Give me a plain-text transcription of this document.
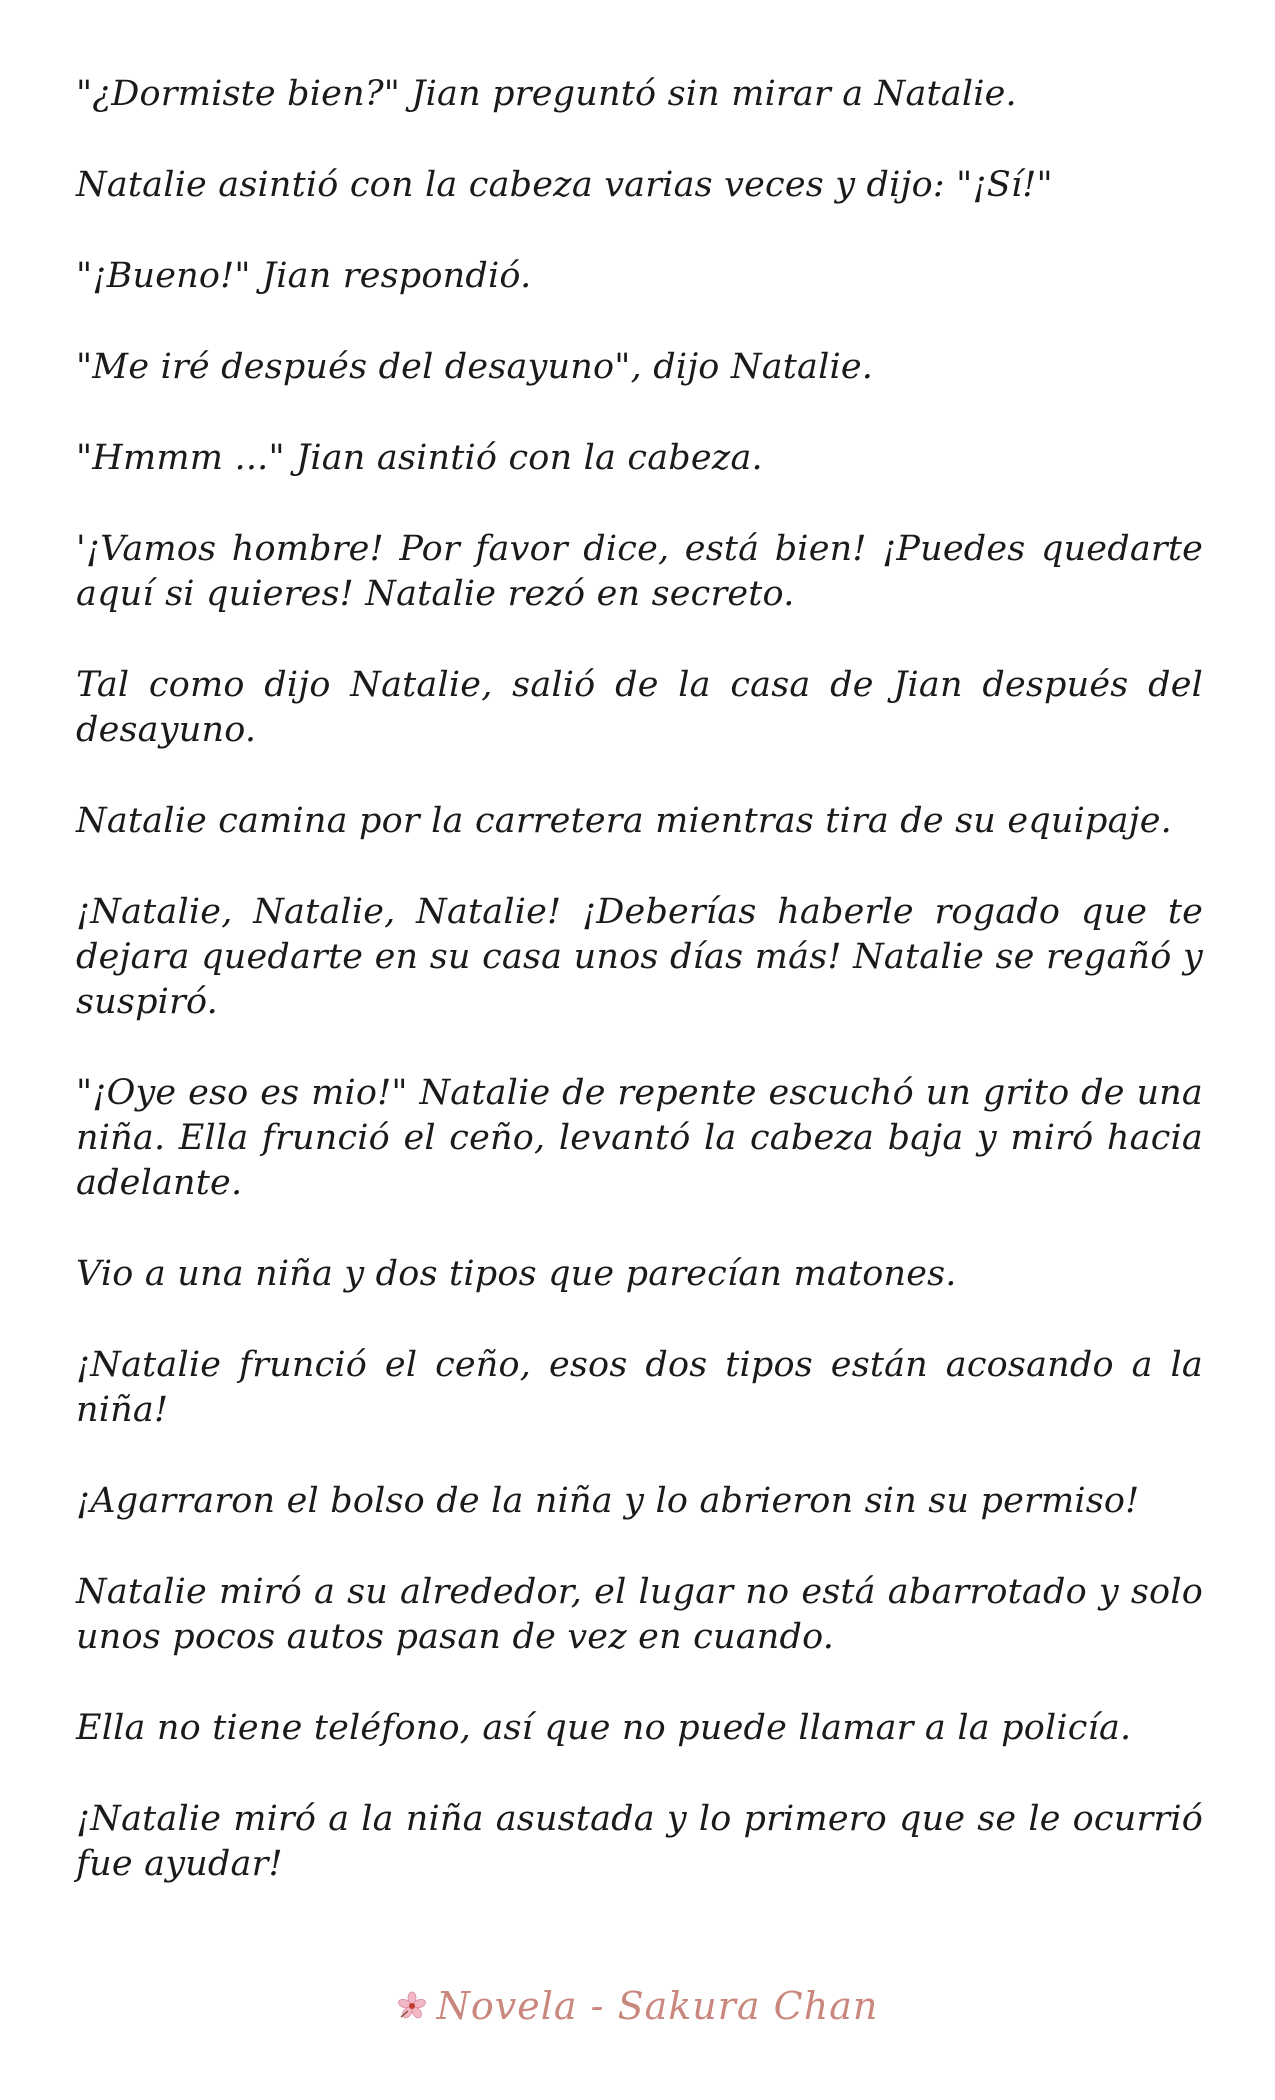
"¿Dormiste bien?" Jian preguntó sin mirar a Natalie.

Natalie asintió con la cabeza varias veces y dijo: "¡Sí!"

"¡Bueno!" Jian respondió.

"Me iré después del desayuno", dijo Natalie.

"Hmmm ..." Jian asintió con la cabeza.

'¡Vamos hombre! Por favor dice, está bien! ¡Puedes quedarte aquí si quieres! Natalie rezó en secreto.

Tal como dijo Natalie, salió de la casa de Jian después del desayuno.

Natalie camina por la carretera mientras tira de su equipaje.

¡Natalie, Natalie, Natalie! ¡Deberías haberle rogado que te dejara quedarte en su casa unos días más! Natalie se regañó y suspiró.

"¡Oye eso es mio!" Natalie de repente escuchó un grito de una niña. Ella frunció el ceño, levantó la cabeza baja y miró hacia adelante.

Vio a una niña y dos tipos que parecían matones.

¡Natalie frunció el ceño, esos dos tipos están acosando a la niña!

¡Agarraron el bolso de la niña y lo abrieron sin su permiso!

Natalie miró a su alrededor, el lugar no está abarrotado y solo unos pocos autos pasan de vez en cuando.

Ella no tiene teléfono, así que no puede llamar a la policía.

¡Natalie miró a la niña asustada y lo primero que se le ocurrió fue ayudar!

Novela - Sakura Chan
